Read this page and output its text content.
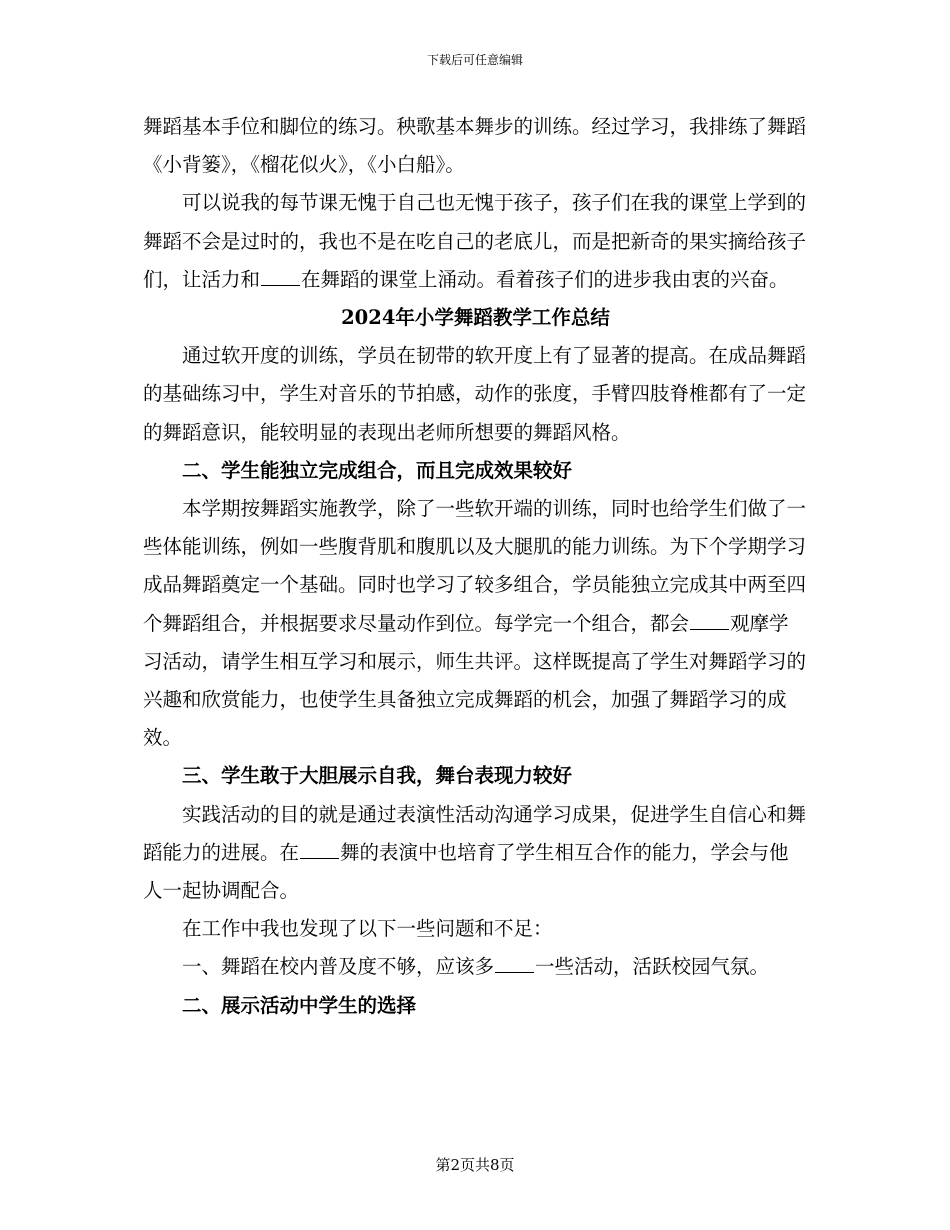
下载后可任意编辑

舞蹈基本手位和脚位的练习。秧歌基本舞步的训练。经过学习，我排练了舞蹈《小背篓》，《榴花似火》，《小白船》。

可以说我的每节课无愧于自己也无愧于孩子，孩子们在我的课堂上学到的舞蹈不会是过时的，我也不是在吃自己的老底儿，而是把新奇的果实摘给孩子们，让活力和 在舞蹈的课堂上涌动。看着孩子们的进步我由衷的兴奋。

2024年小学舞蹈教学工作总结

通过软开度的训练，学员在韧带的软开度上有了显著的提高。在成品舞蹈的基础练习中，学生对音乐的节拍感，动作的张度，手臂四肢脊椎都有了一定的舞蹈意识，能较明显的表现出老师所想要的舞蹈风格。

二、学生能独立完成组合，而且完成效果较好

本学期按舞蹈实施教学，除了一些软开端的训练，同时也给学生们做了一些体能训练，例如一些腹背肌和腹肌以及大腿肌的能力训练。为下个学期学习成品舞蹈奠定一个基础。同时也学习了较多组合，学员能独立完成其中两至四个舞蹈组合，并根据要求尽量动作到位。每学完一个组合，都会 观摩学习活动，请学生相互学习和展示，师生共评。这样既提高了学生对舞蹈学习的兴趣和欣赏能力，也使学生具备独立完成舞蹈的机会，加强了舞蹈学习的成效。

三、学生敢于大胆展示自我，舞台表现力较好

实践活动的目的就是通过表演性活动沟通学习成果，促进学生自信心和舞蹈能力的进展。在 舞的表演中也培育了学生相互合作的能力，学会与他人一起协调配合。

在工作中我也发现了以下一些问题和不足：

一、舞蹈在校内普及度不够，应该多 一些活动，活跃校园气氛。

二、展示活动中学生的选择

第2页共8页
